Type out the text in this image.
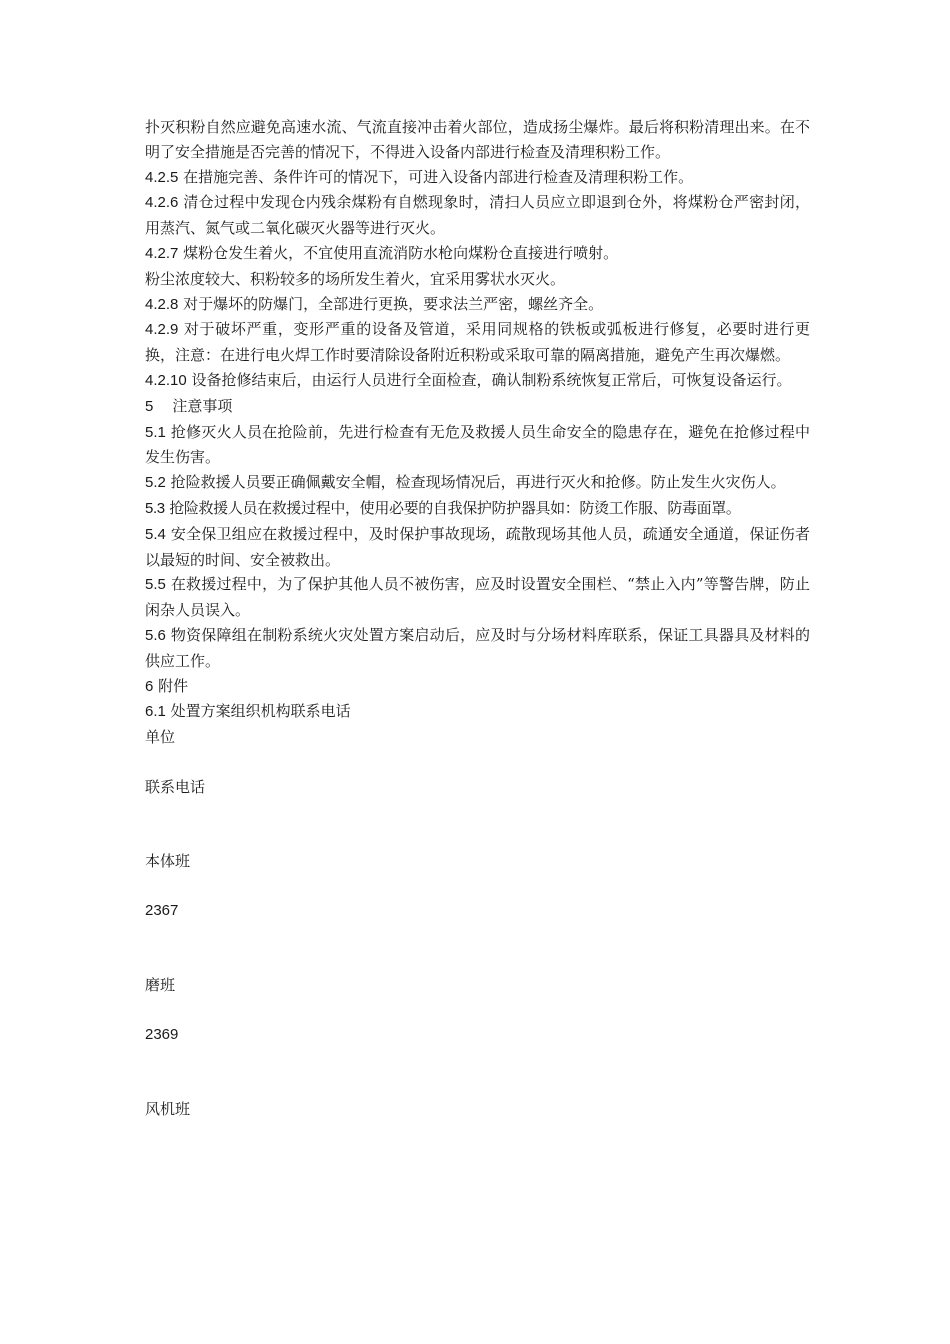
扑灭积粉自然应避免高速水流、气流直接冲击着火部位，造成扬尘爆炸。最后将积粉清理出来。在不明了安全措施是否完善的情况下，不得进入设备内部进行检查及清理积粉工作。

4.2.5 在措施完善、条件许可的情况下，可进入设备内部进行检查及清理积粉工作。

4.2.6 清仓过程中发现仓内残余煤粉有自燃现象时，清扫人员应立即退到仓外，将煤粉仓严密封闭，用蒸汽、氮气或二氧化碳灭火器等进行灭火。

4.2.7 煤粉仓发生着火，不宜使用直流消防水枪向煤粉仓直接进行喷射。

粉尘浓度较大、积粉较多的场所发生着火，宜采用雾状水灭火。

4.2.8 对于爆坏的防爆门，全部进行更换，要求法兰严密，螺丝齐全。

4.2.9 对于破坏严重，变形严重的设备及管道，采用同规格的铁板或弧板进行修复，必要时进行更换，注意：在进行电火焊工作时要清除设备附近积粉或采取可靠的隔离措施，避免产生再次爆燃。

4.2.10 设备抢修结束后，由运行人员进行全面检查，确认制粉系统恢复正常后，可恢复设备运行。

5    注意事项

5.1 抢修灭火人员在抢险前，先进行检查有无危及救援人员生命安全的隐患存在，避免在抢修过程中发生伤害。

5.2 抢险救援人员要正确佩戴安全帽，检查现场情况后，再进行灭火和抢修。防止发生火灾伤人。

5.3 抢险救援人员在救援过程中，使用必要的自我保护防护器具如：防烫工作服、防毒面罩。

5.4 安全保卫组应在救援过程中，及时保护事故现场，疏散现场其他人员，疏通安全通道，保证伤者以最短的时间、安全被救出。

5.5 在救援过程中，为了保护其他人员不被伤害，应及时设置安全围栏、“禁止入内”等警告牌，防止闲杂人员误入。

5.6 物资保障组在制粉系统火灾处置方案启动后，应及时与分场材料库联系，保证工具器具及材料的供应工作。

6 附件

6.1 处置方案组织机构联系电话

单位

联系电话

本体班

2367

磨班

2369

风机班
